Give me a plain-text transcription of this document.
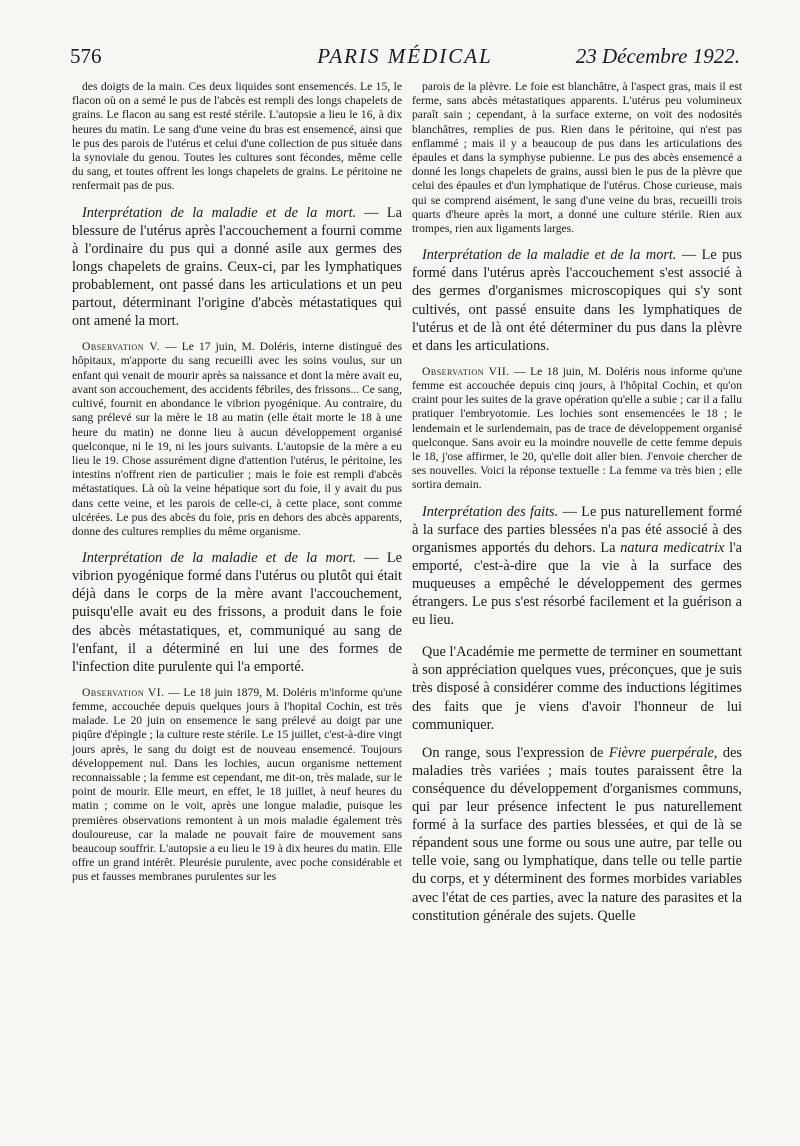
576	PARIS MÉDICAL	23 Décembre 1922.

des doigts de la main. Ces deux liquides sont ensemencés. Le 15, le flacon où on a semé le pus de l'abcès est rempli des longs chapelets de grains. Le flacon au sang est resté stérile. L'autopsie a lieu le 16, à dix heures du matin. Le sang d'une veine du bras est ensemencé, ainsi que le pus des parois de l'utérus et celui d'une collection de pus située dans la synoviale du genou. Toutes les cultures sont fécondes, même celle du sang, et toutes offrent les longs chapelets de grains. Le péritoine ne renfermait pas de pus.

Interprétation de la maladie et de la mort. — La blessure de l'utérus après l'accouchement a fourni comme à l'ordinaire du pus qui a donné asile aux germes des longs chapelets de grains. Ceux-ci, par les lymphatiques probablement, ont passé dans les articulations et un peu partout, déterminant l'origine d'abcès métastatiques qui ont amené la mort.

Observation V. — Le 17 juin, M. Doléris, interne distingué des hôpitaux, m'apporte du sang recueilli avec les soins voulus, sur un enfant qui venait de mourir après sa naissance et dont la mère avait eu, avant son accouchement, des accidents fébriles, des frissons... Ce sang, cultivé, fournit en abondance le vibrion pyogénique. Au contraire, du sang prélevé sur la mère le 18 au matin (elle était morte le 18 à une heure du matin) ne donne lieu à aucun développement organisé quelconque, ni le 19, ni les jours suivants. L'autopsie de la mère a eu lieu le 19. Chose assurément digne d'attention l'utérus, le péritoine, les intestins n'offrent rien de particulier ; mais le foie est rempli d'abcès métastatiques. Là où la veine hépatique sort du foie, il y avait du pus dans cette veine, et les parois de celle-ci, à cette place, sont comme ulcérées. Le pus des abcès du foie, pris en dehors des abcès apparents, donne des cultures remplies du même organisme.

Interprétation de la maladie et de la mort. — Le vibrion pyogénique formé dans l'utérus ou plutôt qui était déjà dans le corps de la mère avant l'accouchement, puisqu'elle avait eu des frissons, a produit dans le foie des abcès métastatiques, et, communiqué au sang de l'enfant, il a déterminé en lui une des formes de l'infection dite purulente qui l'a emporté.

Observation VI. — Le 18 juin 1879, M. Doléris m'informe qu'une femme, accouchée depuis quelques jours à l'hopital Cochin, est très malade. Le 20 juin on ensemence le sang prélevé au doigt par une piqûre d'épingle ; la culture reste stérile. Le 15 juillet, c'est-à-dire vingt jours après, le sang du doigt est de nouveau ensemencé. Toujours développement nul. Dans les lochies, aucun organisme nettement reconnaissable ; la femme est cependant, me dit-on, très malade, sur le point de mourir. Elle meurt, en effet, le 18 juillet, à neuf heures du matin ; comme on le voit, après une longue maladie, puisque les premières observations remontent à un mois maladie également très douloureuse, car la malade ne pouvait faire de mouvement sans beaucoup souffrir. L'autopsie a eu lieu le 19 à dix heures du matin. Elle offre un grand intérêt. Pleurésie purulente, avec poche considérable et pus et fausses membranes purulentes sur les

parois de la plèvre. Le foie est blanchâtre, à l'aspect gras, mais il est ferme, sans abcès métastatiques apparents. L'utérus peu volumineux paraît sain ; cependant, à la surface externe, on voit des nodosités blanchâtres, remplies de pus. Rien dans le péritoine, qui n'est pas enflammé ; mais il y a beaucoup de pus dans les articulations des épaules et dans la symphyse pubienne. Le pus des abcès ensemencé a donné les longs chapelets de grains, aussi bien le pus de la plèvre que celui des épaules et d'un lymphatique de l'utérus. Chose curieuse, mais qui se comprend aisément, le sang d'une veine du bras, recueilli trois quarts d'heure après la mort, a donné une culture stérile. Rien aux trompes, rien aux ligaments larges.

Interprétation de la maladie et de la mort. — Le pus formé dans l'utérus après l'accouchement s'est associé à des germes d'organismes microscopiques qui s'y sont cultivés, ont passé ensuite dans les lymphatiques de l'utérus et de là ont été déterminer du pus dans la plèvre et dans les articulations.

Observation VII. — Le 18 juin, M. Doléris nous informe qu'une femme est accouchée depuis cinq jours, à l'hôpital Cochin, et qu'on craint pour les suites de la grave opération qu'elle a subie ; car il a fallu pratiquer l'embryotomie. Les lochies sont ensemencées le 18 ; le lendemain et le surlendemain, pas de trace de développement organisé quelconque. Sans avoir eu la moindre nouvelle de cette femme depuis le 18, j'ose affirmer, le 20, qu'elle doit aller bien. J'envoie chercher de ses nouvelles. Voici la réponse textuelle : La femme va très bien ; elle sortira demain.

Interprétation des faits. — Le pus naturellement formé à la surface des parties blessées n'a pas été associé à des organismes apportés du dehors. La natura medicatrix l'a emporté, c'est-à-dire que la vie à la surface des muqueuses a empêché le développement des germes étrangers. Le pus s'est résorbé facilement et la guérison a eu lieu.

Que l'Académie me permette de terminer en soumettant à son appréciation quelques vues, préconçues, que je suis très disposé à considérer comme des inductions légitimes des faits que je viens d'avoir l'honneur de lui communiquer.

On range, sous l'expression de Fièvre puerpérale, des maladies très variées ; mais toutes paraissent être la conséquence du développement d'organismes communs, qui par leur présence infectent le pus naturellement formé à la surface des parties blessées, et qui de là se répandent sous une forme ou sous une autre, par telle ou telle voie, sang ou lymphatique, dans telle ou telle partie du corps, et y déterminent des formes morbides variables avec l'état de ces parties, avec la nature des parasites et la constitution générale des sujets. Quelle
